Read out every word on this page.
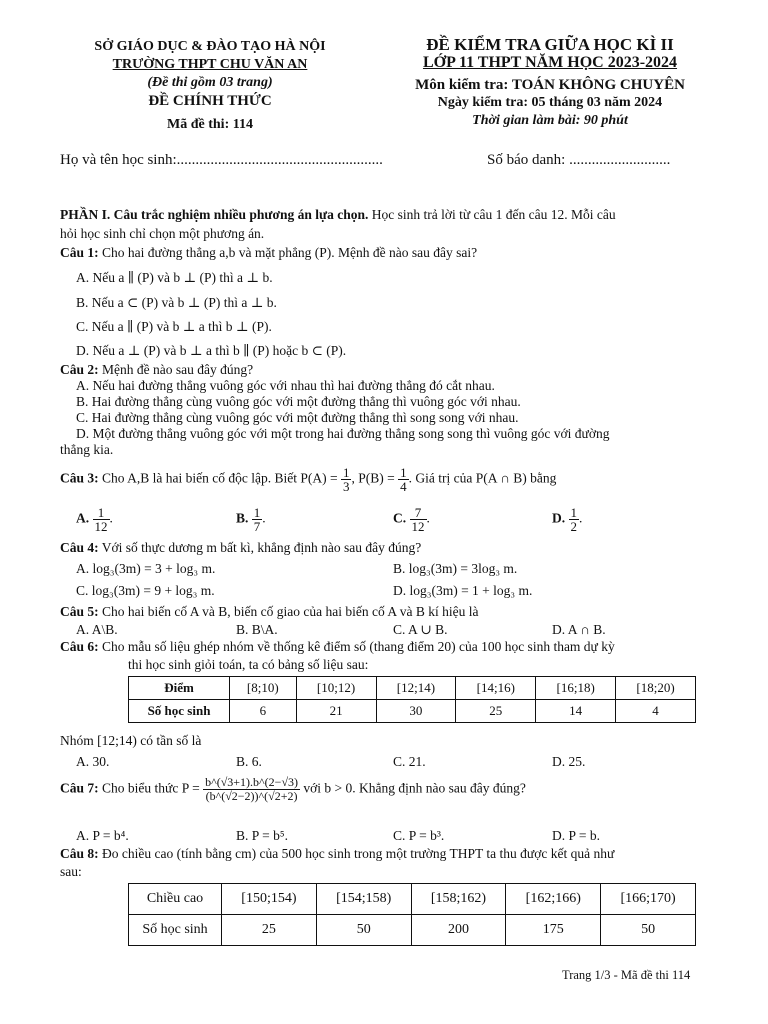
SỞ GIÁO DỤC & ĐÀO TẠO HÀ NỘI
TRƯỜNG THPT CHU VĂN AN
(Đề thi gồm 03 trang)
ĐỀ CHÍNH THỨC
Mã đề thi: 114
ĐỀ KIỂM TRA GIỮA HỌC KÌ II
LỚP 11 THPT NĂM HỌC 2023-2024
Môn kiểm tra: TOÁN KHÔNG CHUYÊN
Ngày kiểm tra: 05 tháng 03 năm 2024
Thời gian làm bài: 90 phút
Họ và tên học sinh:.......................................................	Số báo danh: ...........................
PHẦN I. Câu trắc nghiệm nhiều phương án lựa chọn. Học sinh trả lời từ câu 1 đến câu 12. Mỗi câu
hỏi học sinh chỉ chọn một phương án.
Câu 1: Cho hai đường thẳng a,b và mặt phẳng (P). Mệnh đề nào sau đây sai?
A. Nếu a ∥ (P) và b ⊥ (P) thì a ⊥ b.
B. Nếu a ⊂ (P) và b ⊥ (P) thì a ⊥ b.
C. Nếu a ∥ (P) và b ⊥ a thì b ⊥ (P).
D. Nếu a ⊥ (P) và b ⊥ a thì b ∥ (P) hoặc b ⊂ (P).
Câu 2: Mệnh đề nào sau đây đúng?
A. Nếu hai đường thẳng vuông góc với nhau thì hai đường thẳng đó cắt nhau.
B. Hai đường thẳng cùng vuông góc với một đường thẳng thì vuông góc với nhau.
C. Hai đường thẳng cùng vuông góc với một đường thẳng thì song song với nhau.
D. Một đường thẳng vuông góc với một trong hai đường thẳng song song thì vuông góc với đường
thẳng kia.
Câu 3: Cho A,B là hai biến cố độc lập. Biết $P(A) = \frac{1}{3}$ , $P(B) = \frac{1}{4}$ . Giá trị của P(A ∩ B) bằng
A. $\frac{1}{12}$ .	B. $\frac{1}{7}$ .	C. $\frac{7}{12}$ .	D. $\frac{1}{2}$ .
Câu 4: Với số thực dương m bất kì, khẳng định nào sau đây đúng?
A. log₃(3m) = 3 + log₃ m.	B. log₃(3m) = 3log₃ m.
C. log₃(3m) = 9 + log₃ m.	D. log₃(3m) = 1 + log₃ m.
Câu 5: Cho hai biến cố A và B, biến cố giao của hai biến cố A và B kí hiệu là
A. A\B.	B. B\A.	C. A ∪ B.	D. A ∩ B.
Câu 6: Cho mẫu số liệu ghép nhóm về thống kê điểm số (thang điểm 20) của 100 học sinh tham dự kỳ
thi học sinh giỏi toán, ta có bảng số liệu sau:
Điểm	[8;10)	[10;12)	[12;14)	[14;16)	[16;18)	[18;20)
Số học sinh	6	21	30	25	14	4
Nhóm [12;14) có tần số là
A. 30.	B. 6.	C. 21.	D. 25.
Câu 7: Cho biểu thức $P = \frac{b\^{}(√3+1).b\^{}(2-√3)}{(b\^{}(√2-2))\^{}(√2+2)}$ với b > 0. Khẳng định nào sau đây đúng?
A. P = b⁴.	B. P = b⁵.	C. P = b³.	D. P = b.
Câu 8: Đo chiều cao (tính bằng cm) của 500 học sinh trong một trường THPT ta thu được kết quả như
sau:
Chiều cao	[150;154)	[154;158)	[158;162)	[162;166)	[166;170)
Số học sinh	25	50	200	175	50
Trang 1/3 - Mã đề thi 114
